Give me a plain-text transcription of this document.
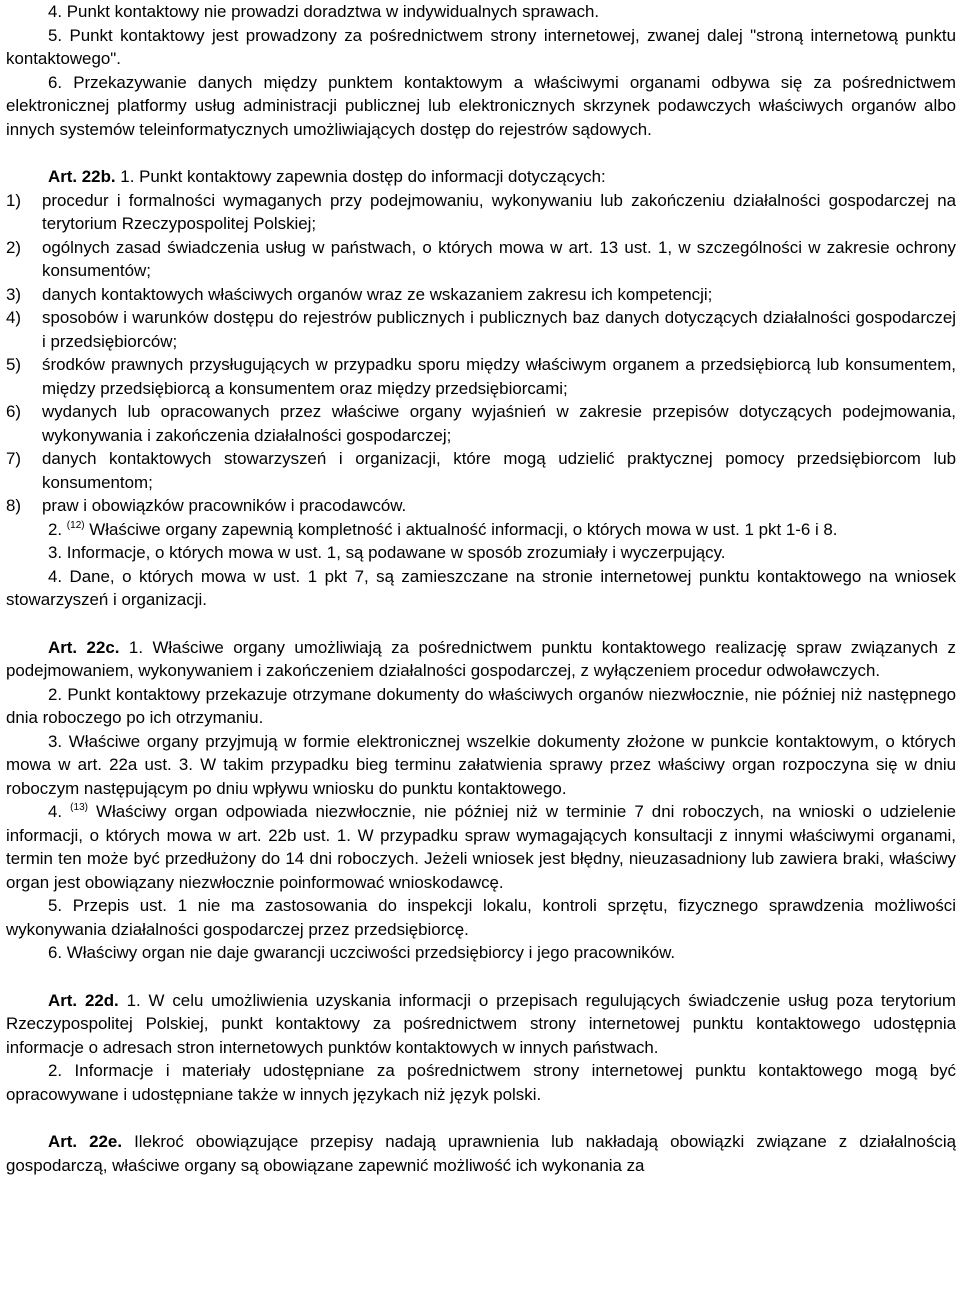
4. Punkt kontaktowy nie prowadzi doradztwa w indywidualnych sprawach.

5. Punkt kontaktowy jest prowadzony za pośrednictwem strony internetowej, zwanej dalej "stroną internetową punktu kontaktowego".

6. Przekazywanie danych między punktem kontaktowym a właściwymi organami odbywa się za pośrednictwem elektronicznej platformy usług administracji publicznej lub elektronicznych skrzynek podawczych właściwych organów albo innych systemów teleinformatycznych umożliwiających dostęp do rejestrów sądowych.

Art. 22b. 1. Punkt kontaktowy zapewnia dostęp do informacji dotyczących:

1)	procedur i formalności wymaganych przy podejmowaniu, wykonywaniu lub zakończeniu działalności gospodarczej na terytorium Rzeczypospolitej Polskiej;
2)	ogólnych zasad świadczenia usług w państwach, o których mowa w art. 13 ust. 1, w szczególności w zakresie ochrony konsumentów;
3)	danych kontaktowych właściwych organów wraz ze wskazaniem zakresu ich kompetencji;
4)	sposobów i warunków dostępu do rejestrów publicznych i publicznych baz danych dotyczących działalności gospodarczej i przedsiębiorców;
5)	środków prawnych przysługujących w przypadku sporu między właściwym organem a przedsiębiorcą lub konsumentem, między przedsiębiorcą a konsumentem oraz między przedsiębiorcami;
6)	wydanych lub opracowanych przez właściwe organy wyjaśnień w zakresie przepisów dotyczących podejmowania, wykonywania i zakończenia działalności gospodarczej;
7)	danych kontaktowych stowarzyszeń i organizacji, które mogą udzielić praktycznej pomocy przedsiębiorcom lub konsumentom;
8)	praw i obowiązków pracowników i pracodawców.

2. $^{(12)}$ Właściwe organy zapewnią kompletność i aktualność informacji, o których mowa w ust. 1 pkt 1-6 i 8.

3. Informacje, o których mowa w ust. 1, są podawane w sposób zrozumiały i wyczerpujący.

4. Dane, o których mowa w ust. 1 pkt 7, są zamieszczane na stronie internetowej punktu kontaktowego na wniosek stowarzyszeń i organizacji.

Art. 22c. 1. Właściwe organy umożliwiają za pośrednictwem punktu kontaktowego realizację spraw związanych z podejmowaniem, wykonywaniem i zakończeniem działalności gospodarczej, z wyłączeniem procedur odwoławczych.

2. Punkt kontaktowy przekazuje otrzymane dokumenty do właściwych organów niezwłocznie, nie później niż następnego dnia roboczego po ich otrzymaniu.

3. Właściwe organy przyjmują w formie elektronicznej wszelkie dokumenty złożone w punkcie kontaktowym, o których mowa w art. 22a ust. 3. W takim przypadku bieg terminu załatwienia sprawy przez właściwy organ rozpoczyna się w dniu roboczym następującym po dniu wpływu wniosku do punktu kontaktowego.

4. $^{(13)}$ Właściwy organ odpowiada niezwłocznie, nie później niż w terminie 7 dni roboczych, na wnioski o udzielenie informacji, o których mowa w art. 22b ust. 1. W przypadku spraw wymagających konsultacji z innymi właściwymi organami, termin ten może być przedłużony do 14 dni roboczych. Jeżeli wniosek jest błędny, nieuzasadniony lub zawiera braki, właściwy organ jest obowiązany niezwłocznie poinformować wnioskodawcę.

5. Przepis ust. 1 nie ma zastosowania do inspekcji lokalu, kontroli sprzętu, fizycznego sprawdzenia możliwości wykonywania działalności gospodarczej przez przedsiębiorcę.

6. Właściwy organ nie daje gwarancji uczciwości przedsiębiorcy i jego pracowników.

Art. 22d. 1. W celu umożliwienia uzyskania informacji o przepisach regulujących świadczenie usług poza terytorium Rzeczypospolitej Polskiej, punkt kontaktowy za pośrednictwem strony internetowej punktu kontaktowego udostępnia informacje o adresach stron internetowych punktów kontaktowych w innych państwach.

2. Informacje i materiały udostępniane za pośrednictwem strony internetowej punktu kontaktowego mogą być opracowywane i udostępniane także w innych językach niż język polski.

Art. 22e. Ilekroć obowiązujące przepisy nadają uprawnienia lub nakładają obowiązki związane z działalnością gospodarczą, właściwe organy są obowiązane zapewnić możliwość ich wykonania za
